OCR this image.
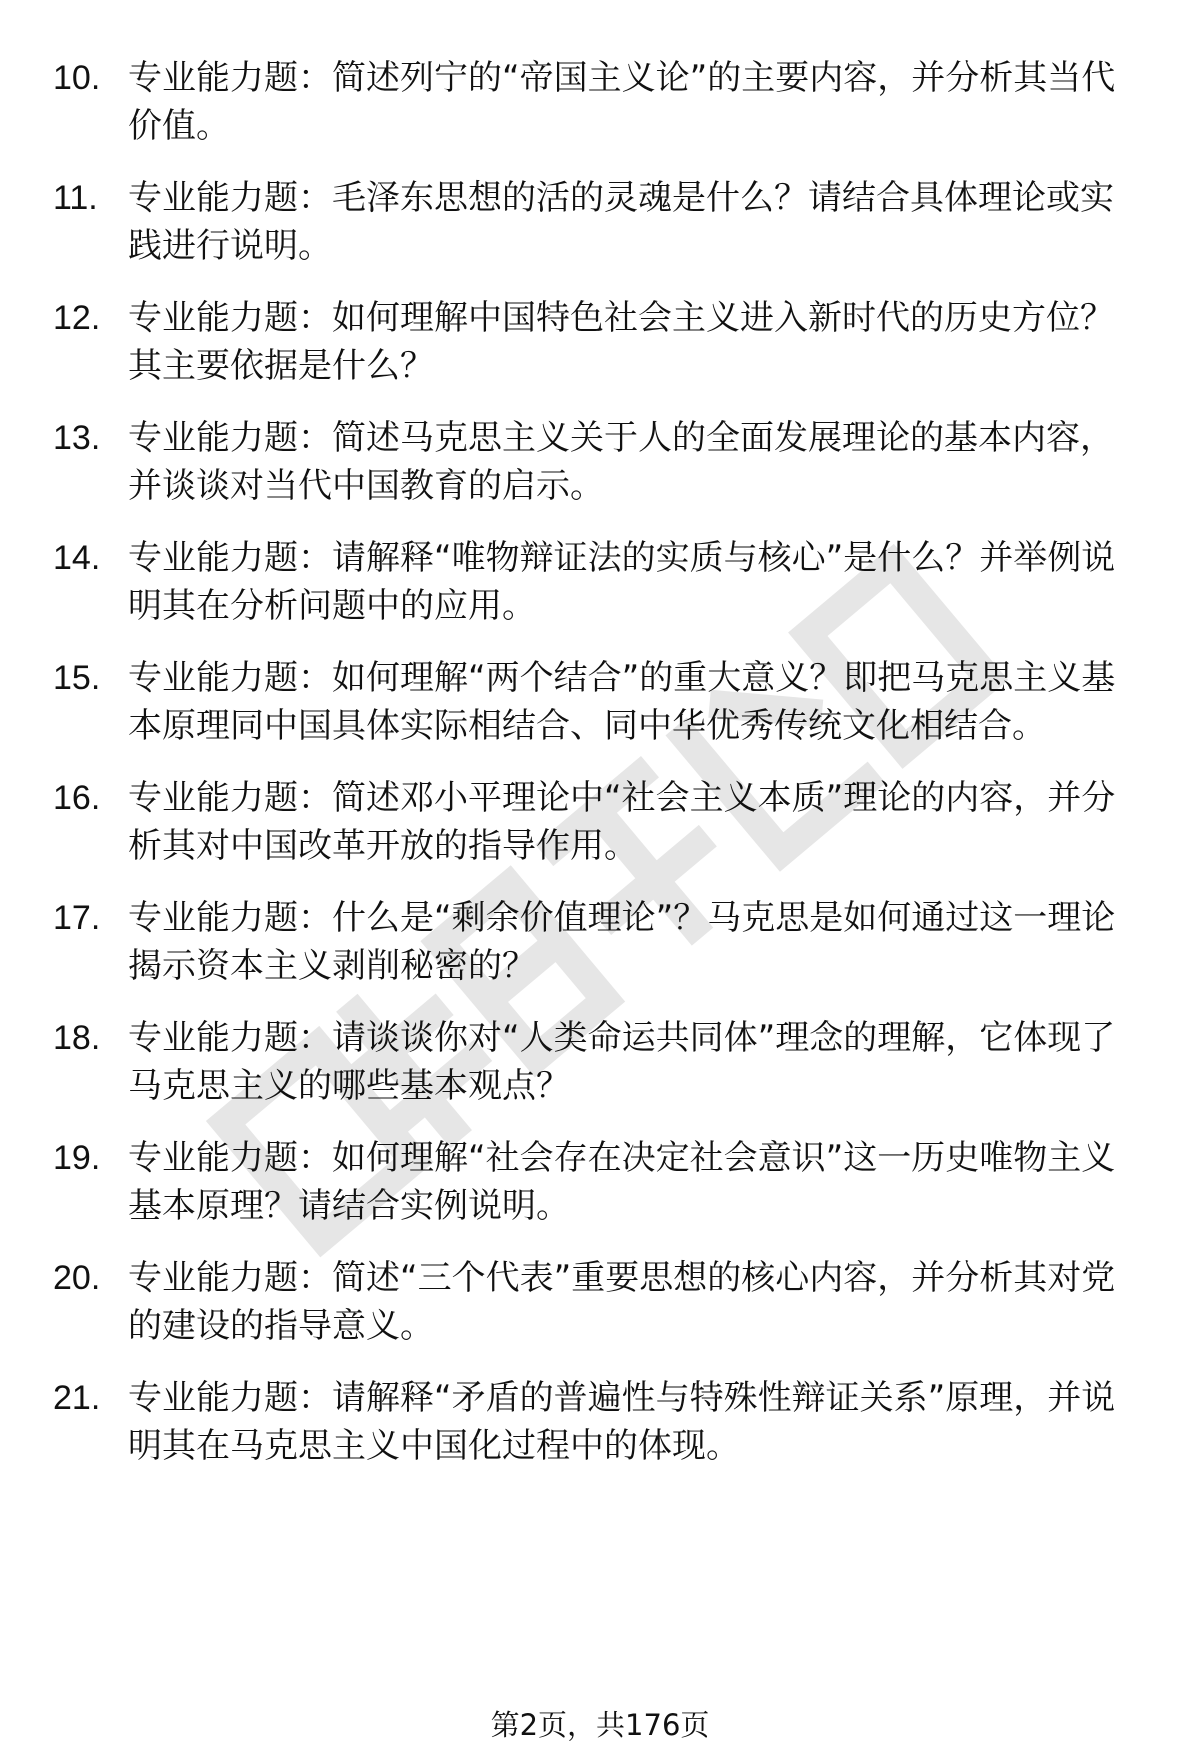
10. 专业能力题：简述列宁的“帝国主义论”的主要内容，并分析其当代价值。
11. 专业能力题：毛泽东思想的活的灵魂是什么？请结合具体理论或实践进行说明。
12. 专业能力题：如何理解中国特色社会主义进入新时代的历史方位？其主要依据是什么？
13. 专业能力题：简述马克思主义关于人的全面发展理论的基本内容，并谈谈对当代中国教育的启示。
14. 专业能力题：请解释“唯物辩证法的实质与核心”是什么？并举例说明其在分析问题中的应用。
15. 专业能力题：如何理解“两个结合”的重大意义？即把马克思主义基本原理同中国具体实际相结合、同中华优秀传统文化相结合。
16. 专业能力题：简述邓小平理论中“社会主义本质”理论的内容，并分析其对中国改革开放的指导作用。
17. 专业能力题：什么是“剩余价值理论”？马克思是如何通过这一理论揭示资本主义剥削秘密的？
18. 专业能力题：请谈谈你对“人类命运共同体”理念的理解，它体现了马克思主义的哪些基本观点？
19. 专业能力题：如何理解“社会存在决定社会意识”这一历史唯物主义基本原理？请结合实例说明。
20. 专业能力题：简述“三个代表”重要思想的核心内容，并分析其对党的建设的指导意义。
21. 专业能力题：请解释“矛盾的普遍性与特殊性辩证关系”原理，并说明其在马克思主义中国化过程中的体现。
第2页，共176页
